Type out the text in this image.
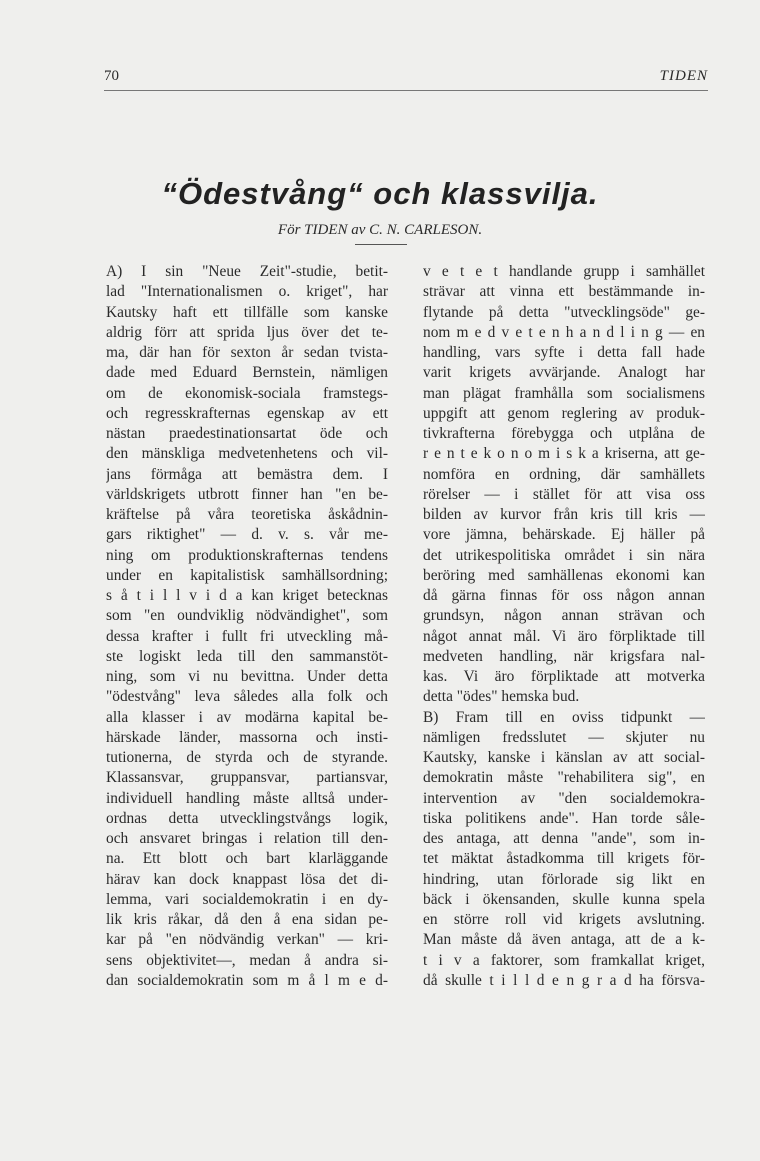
70	TIDEN
“Ödestvång“ och klassvilja.
För TIDEN av C. N. CARLESON.
A) I sin "Neue Zeit"-studie, betit-
lad "Internationalismen o. kriget", har
Kautsky haft ett tillfälle som kanske
aldrig förr att sprida ljus över det te-
ma, där han för sexton år sedan tvista-
dade med Eduard Bernstein, nämligen
om de ekonomisk-sociala framstegs-
och regresskrafternas egenskap av ett
nästan praedestinationsartat öde och
den mänskliga medvetenhetens och vil-
jans förmåga att bemästra dem. I
världskrigets utbrott finner han "en be-
kräftelse på våra teoretiska åskådnin-
gars riktighet" — d. v. s. vår me-
ning om produktionskrafternas tendens
under en kapitalistisk samhällsordning;
s å t i l l v i d a kan kriget betecknas
som "en oundviklig nödvändighet", som
dessa krafter i fullt fri utveckling må-
ste logiskt leda till den sammanstöt-
ning, som vi nu bevittna. Under detta
"ödestvång" leva således alla folk och
alla klasser i av modärna kapital be-
härskade länder, massorna och insti-
tutionerna, de styrda och de styrande.
Klassansvar, gruppansvar, partiansvar,
individuell handling måste alltså under-
ordnas detta utvecklingstvångs logik,
och ansvaret bringas i relation till den-
na. Ett blott och bart klarläggande
härav kan dock knappast lösa det di-
lemma, vari socialdemokratin i en dy-
lik kris råkar, då den å ena sidan pe-
kar på "en nödvändig verkan" — kri-
sens objektivitet—, medan å andra si-
dan socialdemokratin som m å l m e d-
v e t e t handlande grupp i samhället
strävar att vinna ett bestämmande in-
flytande på detta "utvecklingsöde" ge-
nom m e d v e t e n h a n d l i n g — en
handling, vars syfte i detta fall hade
varit krigets avvärjande. Analogt har
man plägat framhålla som socialismens
uppgift att genom reglering av produk-
tivkrafterna förebygga och utplåna de
r e n t e k o n o m i s k a kriserna, att ge-
nomföra en ordning, där samhällets
rörelser — i stället för att visa oss
bilden av kurvor från kris till kris —
vore jämna, behärskade. Ej häller på
det utrikespolitiska området i sin nära
beröring med samhällenas ekonomi kan
då gärna finnas för oss någon annan
grundsyn, någon annan strävan och
något annat mål. Vi äro förpliktade till
medveten handling, när krigsfara nal-
kas. Vi äro förpliktade att motverka
detta "ödes" hemska bud.
B) Fram till en oviss tidpunkt —
nämligen fredsslutet — skjuter nu
Kautsky, kanske i känslan av att social-
demokratin måste "rehabilitera sig", en
intervention av "den socialdemokra-
tiska politikens ande". Han torde såle-
des antaga, att denna "ande", som in-
tet mäktat åstadkomma till krigets för-
hindring, utan förlorade sig likt en
bäck i ökensanden, skulle kunna spela
en större roll vid krigets avslutning.
Man måste då även antaga, att de a k-
t i v a faktorer, som framkallat kriget,
då skulle t i l l d e n g r a d ha försva-
